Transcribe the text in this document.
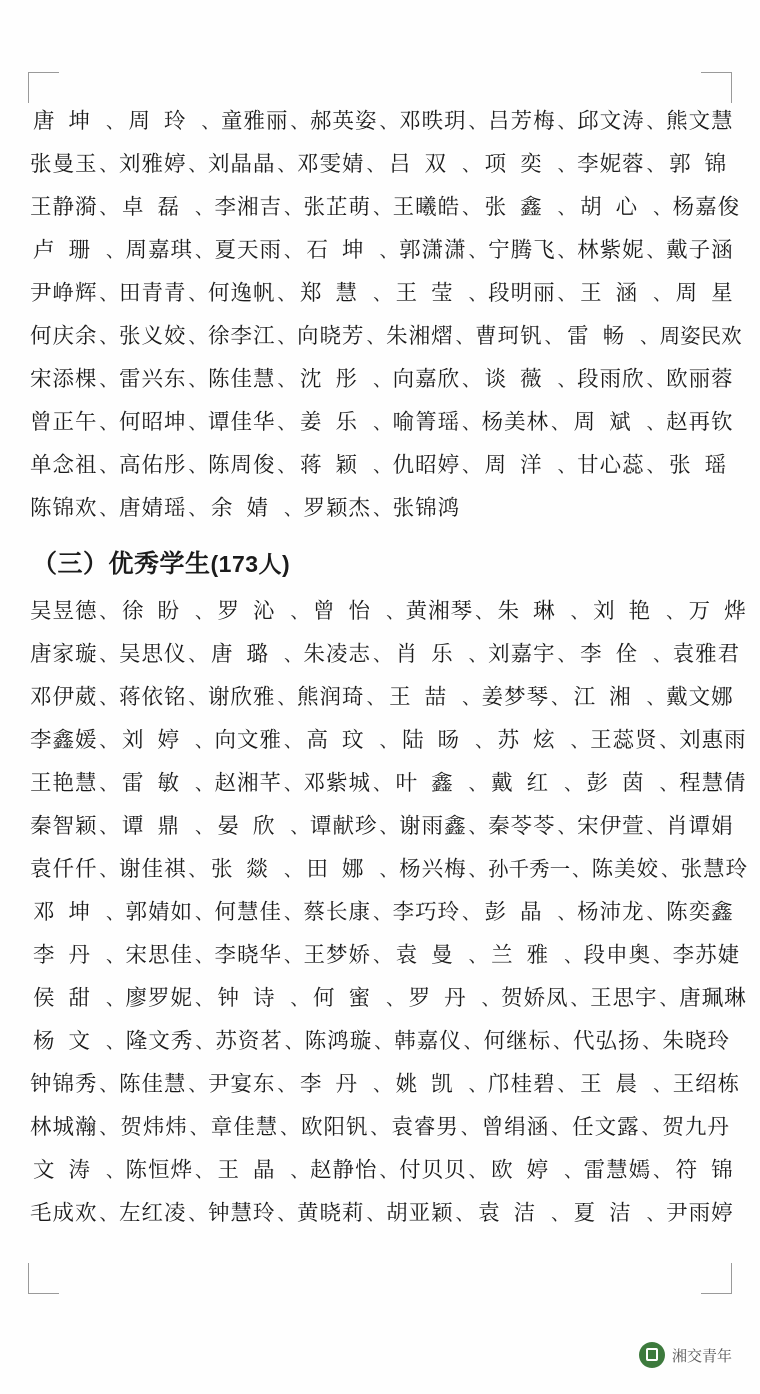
唐坤 、 周玲 、 童雅丽 、 郝英姿 、 邓昳玥 、 吕芳梅 、 邱文涛 、 熊文慧
张曼玉 、 刘雅婷 、 刘晶晶 、 邓雯婧 、 吕双 、 项奕 、 李妮蓉 、 郭锦
王静漪 、 卓磊 、 李湘吉 、 张芷萌 、 王曦皓 、 张鑫 、 胡心 、 杨嘉俊
卢珊 、 周嘉琪 、 夏天雨 、 石坤 、 郭潇潇 、 宁腾飞 、 林紫妮 、 戴子涵
尹峥辉 、 田青青 、 何逸帆 、 郑慧 、 王莹 、 段明丽 、 王涵 、 周星
何庆余 、 张义姣 、 徐李江 、 向晓芳 、 朱湘熠 、 曹珂钒 、 雷畅 、 周姿民欢
宋添棵 、 雷兴东 、 陈佳慧 、 沈彤 、 向嘉欣 、 谈薇 、 段雨欣 、 欧丽蓉
曾正午 、 何昭坤 、 谭佳华 、 姜乐 、 喻箐瑶 、 杨美林 、 周斌 、 赵再钦
单念祖 、 高佑彤 、 陈周俊 、 蒋颖 、 仇昭婷 、 周洋 、 甘心蕊 、 张瑶
陈锦欢 、 唐婧瑶 、 余婧 、 罗颖杰 、 张锦鸿
（三）优秀学生(173人)
吴昱德 、 徐盼 、 罗沁 、 曾怡 、 黄湘琴 、 朱琳 、 刘艳 、 万烨
唐家璇 、 吴思仪 、 唐璐 、 朱凌志 、 肖乐 、 刘嘉宇 、 李佺 、 袁雅君
邓伊葳 、 蒋依铭 、 谢欣雅 、 熊润琦 、 王喆 、 姜梦琴 、 江湘 、 戴文娜
李鑫媛 、 刘婷 、 向文雅 、 高玟 、 陆旸 、 苏炫 、 王蕊贤 、 刘惠雨
王艳慧 、 雷敏 、 赵湘芊 、 邓紫城 、 叶鑫 、 戴红 、 彭茵 、 程慧倩
秦智颖 、 谭鼎 、 晏欣 、 谭献珍 、 谢雨鑫 、 秦苓苓 、 宋伊萱 、 肖谭娟
袁仟仟 、 谢佳祺 、 张燚 、 田娜 、 杨兴梅 、 孙千秀一 、 陈美姣 、 张慧玲
邓坤 、 郭婧如 、 何慧佳 、 蔡长康 、 李巧玲 、 彭晶 、 杨沛龙 、 陈奕鑫
李丹 、 宋思佳 、 李晓华 、 王梦娇 、 袁曼 、 兰雅 、 段申奥 、 李苏婕
侯甜 、 廖罗妮 、 钟诗 、 何蜜 、 罗丹 、 贺娇凤 、 王思宇 、 唐珮琳
杨文 、 隆文秀 、 苏资茗 、 陈鸿璇 、 韩嘉仪 、 何继标 、 代弘扬 、 朱晓玲
钟锦秀 、 陈佳慧 、 尹宴东 、 李丹 、 姚凯 、 邝桂碧 、 王晨 、 王绍栋
林城瀚 、 贺炜炜 、 章佳慧 、 欧阳钒 、 袁睿男 、 曾绢涵 、 任文露 、 贺九丹
文涛 、 陈恒烨 、 王晶 、 赵静怡 、 付贝贝 、 欧婷 、 雷慧嫣 、 符锦
毛成欢 、 左红凌 、 钟慧玲 、 黄晓莉 、 胡亚颖 、 袁洁 、 夏洁 、 尹雨婷
湘交青年
